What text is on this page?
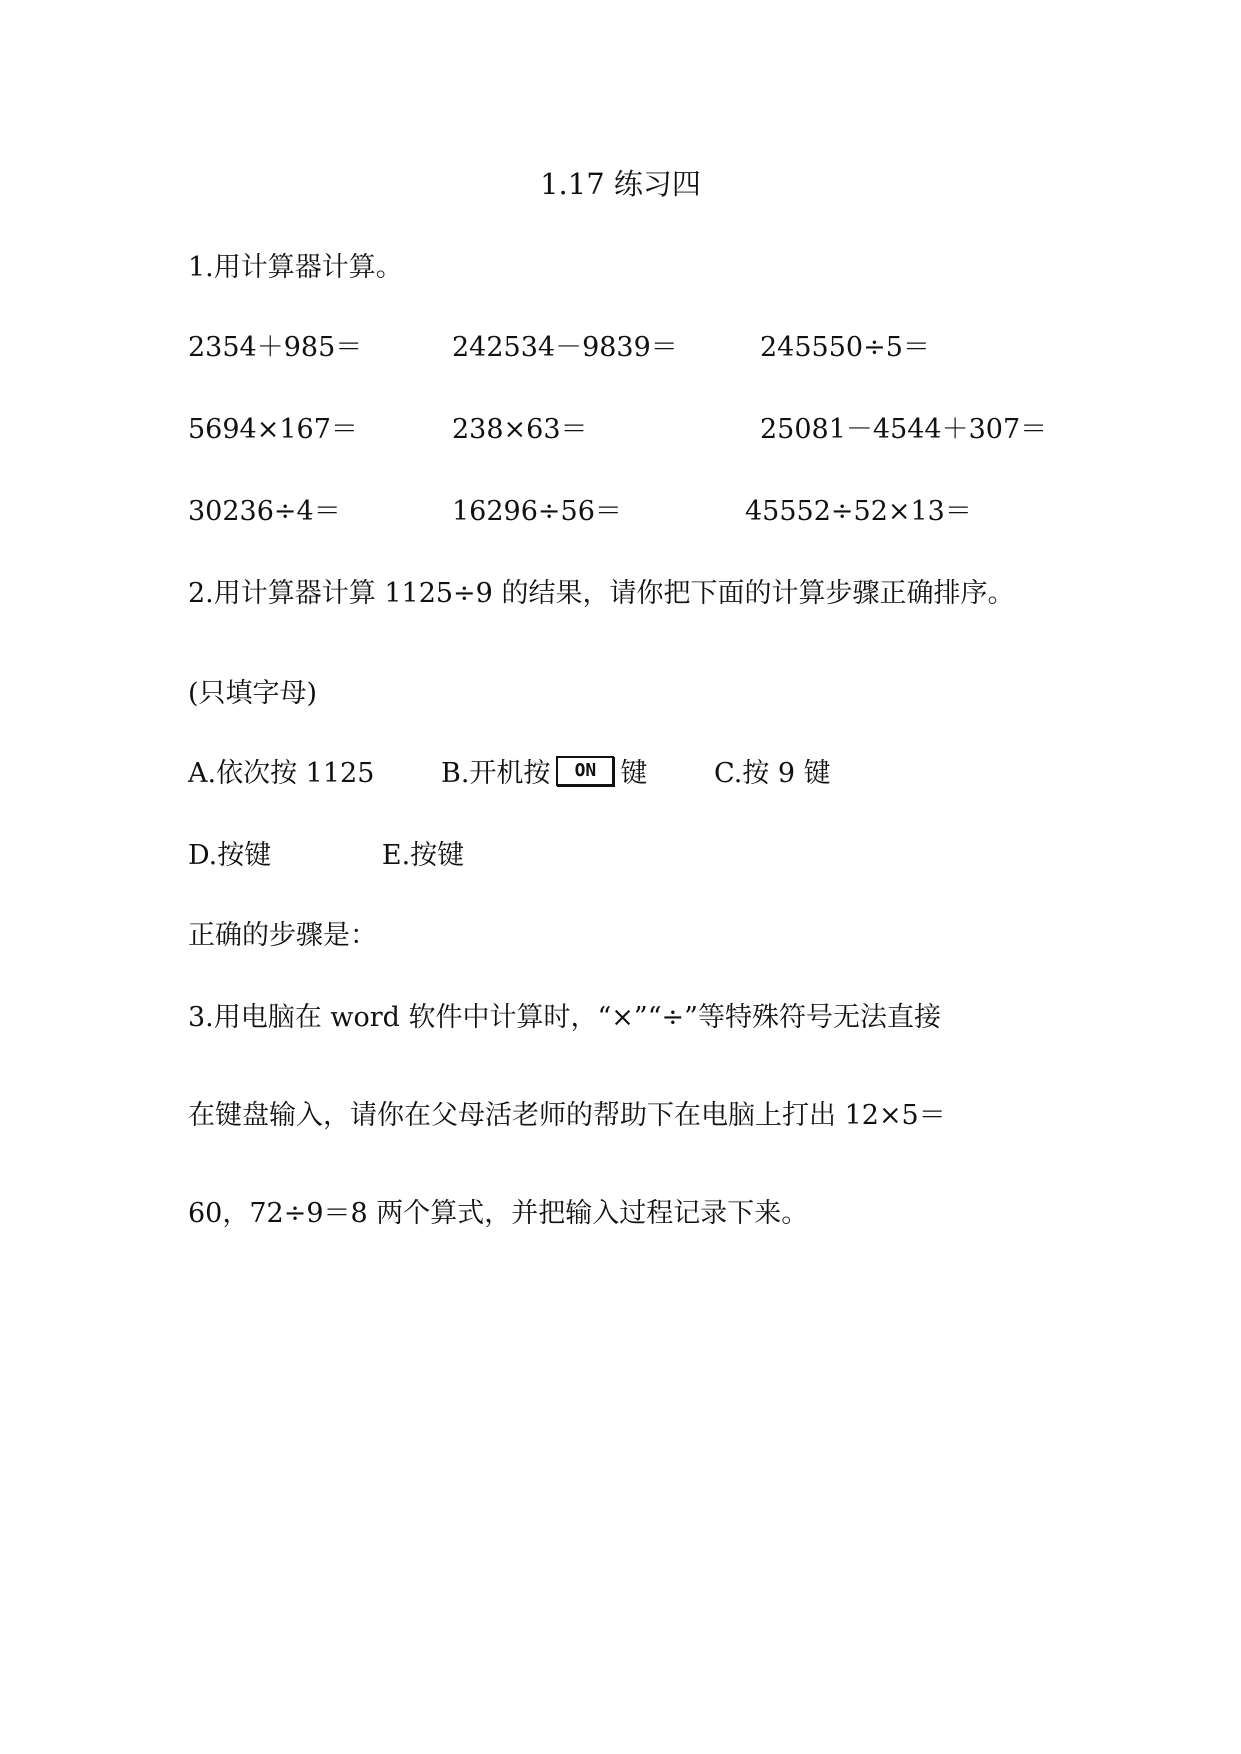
1.17 练习四

1.用计算器计算。

2354＋985＝	242534－9839＝	245550÷5＝
5694×167＝	238×63＝	25081－4544＋307＝
30236÷4＝	16296÷56＝	45552÷52×13＝

2.用计算器计算 1125÷9 的结果，请你把下面的计算步骤正确排序。

(只填字母)

A.依次按 1125 B.开机按 ON 键 C.按 9 键
D.按键	E.按键

正确的步骤是：

3.用电脑在 word 软件中计算时，“×”“÷”等特殊符号无法直接

在键盘输入，请你在父母活老师的帮助下在电脑上打出 12×5＝

60，72÷9＝8 两个算式，并把输入过程记录下来。
